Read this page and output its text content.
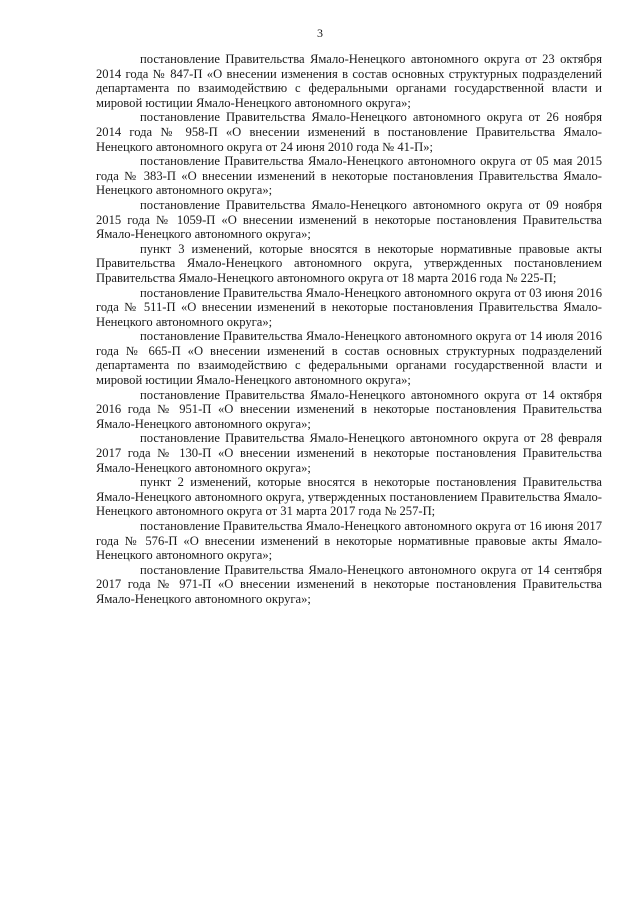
3

постановление Правительства Ямало-Ненецкого автономного округа от 23 октября 2014 года № 847-П «О внесении изменения в состав основных структурных подразделений департамента по взаимодействию с федеральными органами государственной власти и мировой юстиции Ямало-Ненецкого автономного округа»;

постановление Правительства Ямало-Ненецкого автономного округа от 26 ноября 2014 года № 958-П «О внесении изменений в постановление Правительства Ямало-Ненецкого автономного округа от 24 июня 2010 года № 41-П»;

постановление Правительства Ямало-Ненецкого автономного округа от 05 мая 2015 года № 383-П «О внесении изменений в некоторые постановления Правительства Ямало-Ненецкого автономного округа»;

постановление Правительства Ямало-Ненецкого автономного округа от 09 ноября 2015 года № 1059-П «О внесении изменений в некоторые постановления Правительства Ямало-Ненецкого автономного округа»;

пункт 3 изменений, которые вносятся в некоторые нормативные правовые акты Правительства Ямало-Ненецкого автономного округа, утвержденных постановлением Правительства Ямало-Ненецкого автономного округа от 18 марта 2016 года № 225-П;

постановление Правительства Ямало-Ненецкого автономного округа от 03 июня 2016 года № 511-П «О внесении изменений в некоторые постановления Правительства Ямало-Ненецкого автономного округа»;

постановление Правительства Ямало-Ненецкого автономного округа от 14 июля 2016 года № 665-П «О внесении изменений в состав основных структурных подразделений департамента по взаимодействию с федеральными органами государственной власти и мировой юстиции Ямало-Ненецкого автономного округа»;

постановление Правительства Ямало-Ненецкого автономного округа от 14 октября 2016 года № 951-П «О внесении изменений в некоторые постановления Правительства Ямало-Ненецкого автономного округа»;

постановление Правительства Ямало-Ненецкого автономного округа от 28 февраля 2017 года № 130-П «О внесении изменений в некоторые постановления Правительства Ямало-Ненецкого автономного округа»;

пункт 2 изменений, которые вносятся в некоторые постановления Правительства Ямало-Ненецкого автономного округа, утвержденных постановлением Правительства Ямало-Ненецкого автономного округа от 31 марта 2017 года № 257-П;

постановление Правительства Ямало-Ненецкого автономного округа от 16 июня 2017 года № 576-П «О внесении изменений в некоторые нормативные правовые акты Ямало-Ненецкого автономного округа»;

постановление Правительства Ямало-Ненецкого автономного округа от 14 сентября 2017 года № 971-П «О внесении изменений в некоторые постановления Правительства Ямало-Ненецкого автономного округа»;
